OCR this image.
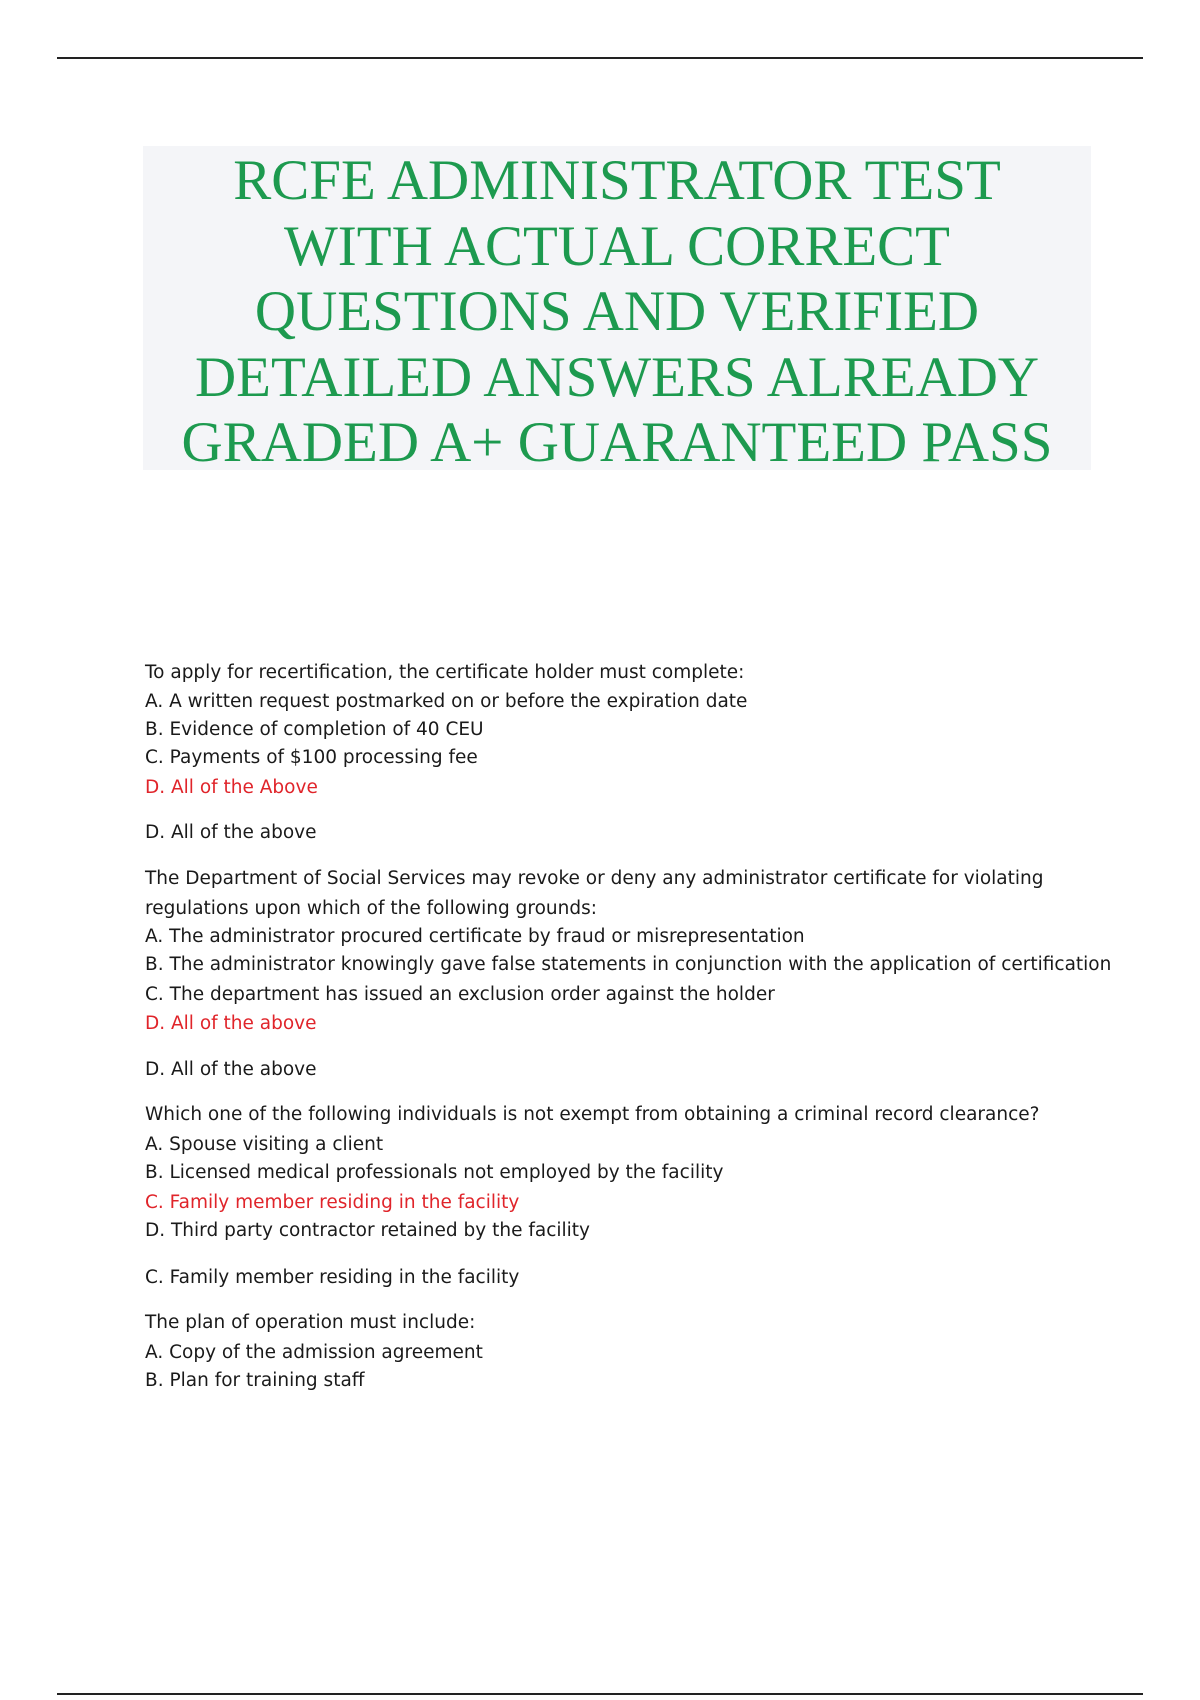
RCFE ADMINISTRATOR TEST
WITH ACTUAL CORRECT
QUESTIONS AND VERIFIED
DETAILED ANSWERS ALREADY
GRADED A+ GUARANTEED PASS
To apply for recertification, the certificate holder must complete:
A. A written request postmarked on or before the expiration date
B. Evidence of completion of 40 CEU
C. Payments of $100 processing fee
D. All of the Above
D. All of the above
The Department of Social Services may revoke or deny any administrator certificate for violating
regulations upon which of the following grounds:
A. The administrator procured certificate by fraud or misrepresentation
B. The administrator knowingly gave false statements in conjunction with the application of certification
C. The department has issued an exclusion order against the holder
D. All of the above
D. All of the above
Which one of the following individuals is not exempt from obtaining a criminal record clearance?
A. Spouse visiting a client
B. Licensed medical professionals not employed by the facility
C. Family member residing in the facility
D. Third party contractor retained by the facility
C. Family member residing in the facility
The plan of operation must include:
A. Copy of the admission agreement
B. Plan for training staff
